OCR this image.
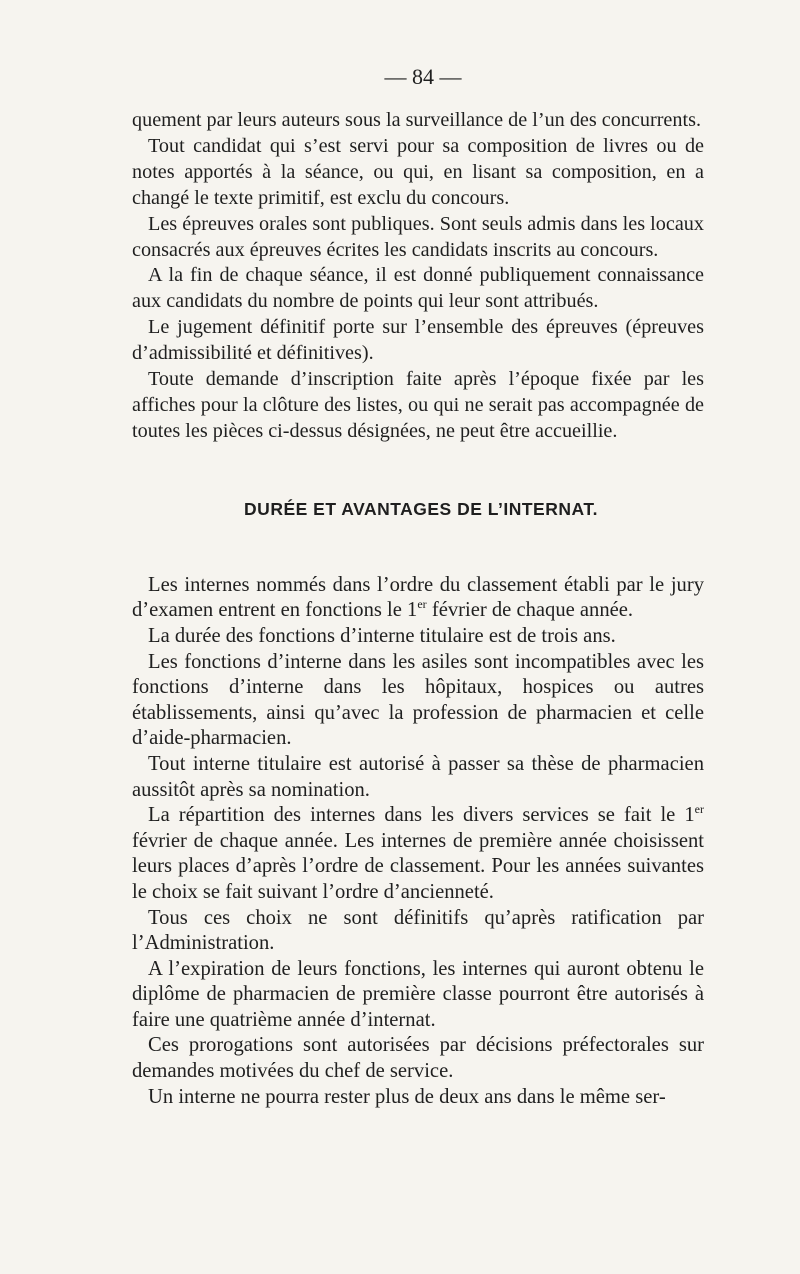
— 84 —

quement par leurs auteurs sous la surveillance de l’un des concurrents.

Tout candidat qui s’est servi pour sa composition de livres ou de notes apportés à la séance, ou qui, en lisant sa composition, en a changé le texte primitif, est exclu du concours.

Les épreuves orales sont publiques. Sont seuls admis dans les locaux consacrés aux épreuves écrites les candidats inscrits au concours.

A la fin de chaque séance, il est donné publiquement connaissance aux candidats du nombre de points qui leur sont attribués.

Le jugement définitif porte sur l’ensemble des épreuves (épreuves d’admissibilité et définitives).

Toute demande d’inscription faite après l’époque fixée par les affiches pour la clôture des listes, ou qui ne serait pas accompagnée de toutes les pièces ci-dessus désignées, ne peut être accueillie.

DURÉE ET AVANTAGES DE L’INTERNAT.

Les internes nommés dans l’ordre du classement établi par le jury d’examen entrent en fonctions le 1er février de chaque année.

La durée des fonctions d’interne titulaire est de trois ans.

Les fonctions d’interne dans les asiles sont incompatibles avec les fonctions d’interne dans les hôpitaux, hospices ou autres établissements, ainsi qu’avec la profession de pharmacien et celle d’aide-pharmacien.

Tout interne titulaire est autorisé à passer sa thèse de pharmacien aussitôt après sa nomination.

La répartition des internes dans les divers services se fait le 1er février de chaque année. Les internes de première année choisissent leurs places d’après l’ordre de classement. Pour les années suivantes le choix se fait suivant l’ordre d’ancienneté.

Tous ces choix ne sont définitifs qu’après ratification par l’Administration.

A l’expiration de leurs fonctions, les internes qui auront obtenu le diplôme de pharmacien de première classe pourront être autorisés à faire une quatrième année d’internat.

Ces prorogations sont autorisées par décisions préfectorales sur demandes motivées du chef de service.

Un interne ne pourra rester plus de deux ans dans le même ser-
